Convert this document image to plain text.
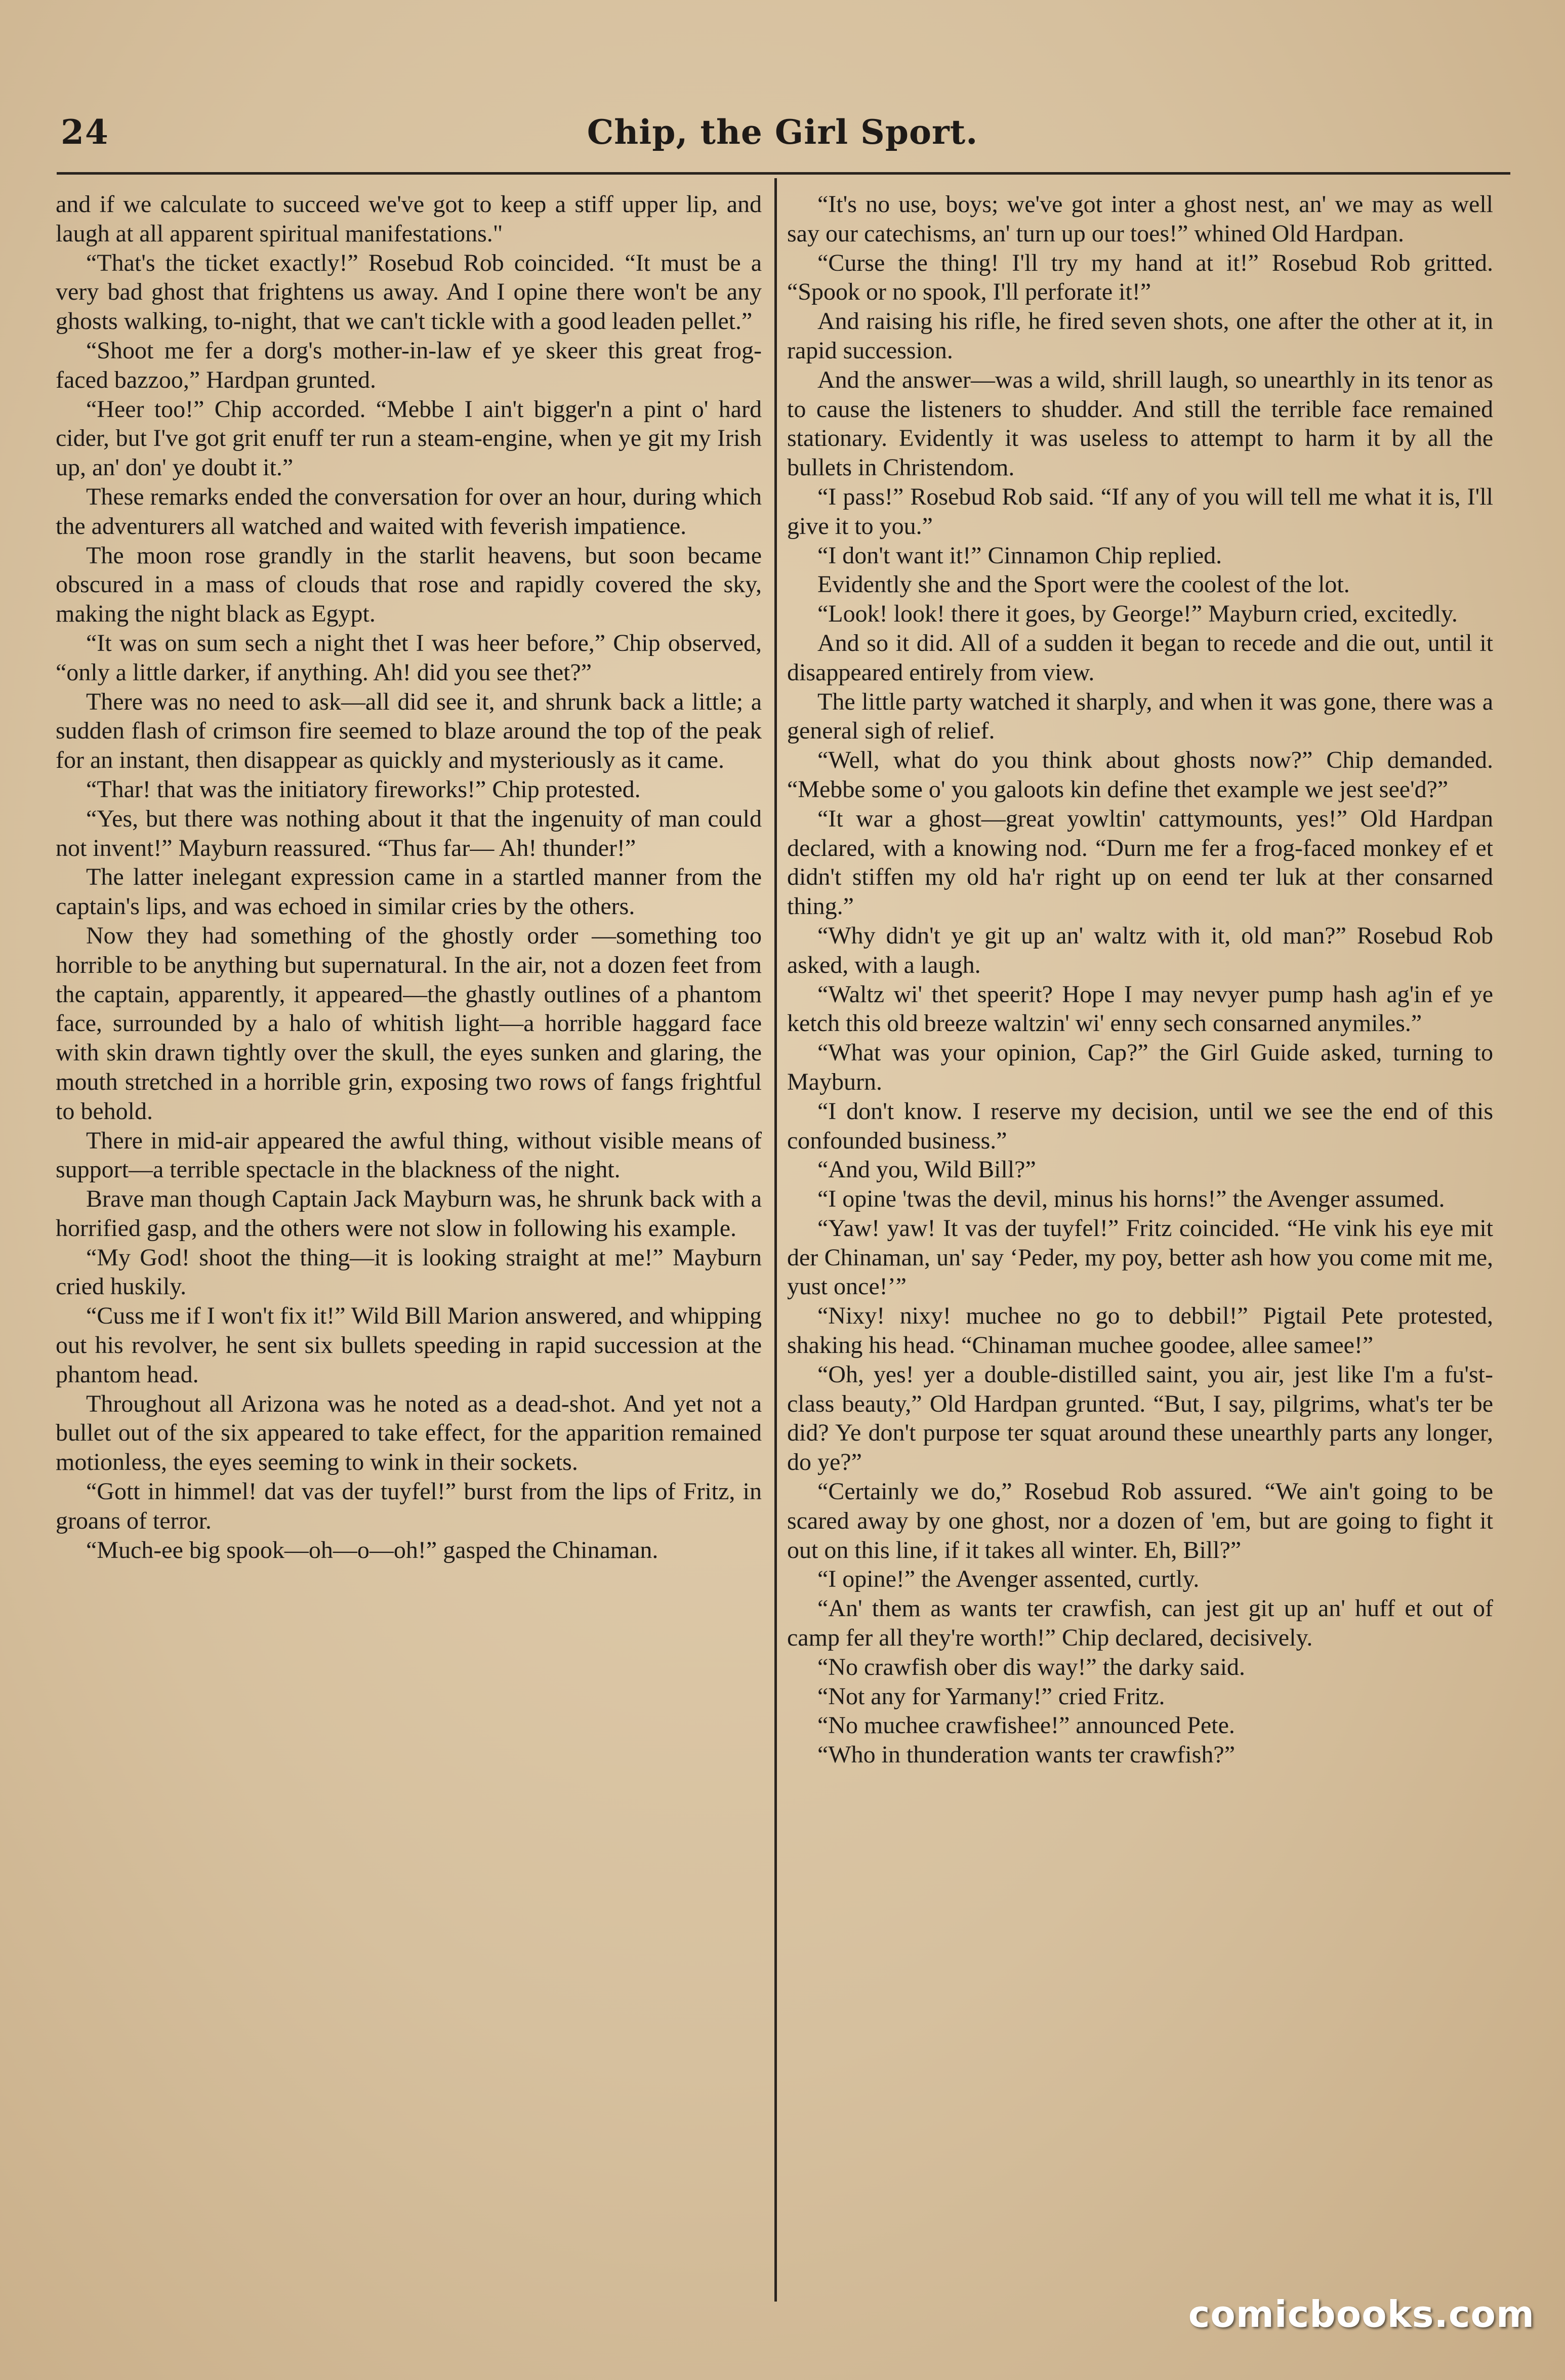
24	Chip, the Girl Sport.

and if we calculate to succeed we've got to keep a stiff upper lip, and laugh at all apparent spiritual manifestations."

“That's the ticket exactly!” Rosebud Rob coincided. “It must be a very bad ghost that frightens us away. And I opine there won't be any ghosts walking, to-night, that we can't tickle with a good leaden pellet.”

“Shoot me fer a dorg's mother-in-law ef ye skeer this great frog-faced bazzoo,” Hardpan grunted.

“Heer too!” Chip accorded. “Mebbe I ain't bigger'n a pint o' hard cider, but I've got grit enuff ter run a steam-engine, when ye git my Irish up, an' don' ye doubt it.”

These remarks ended the conversation for over an hour, during which the adventurers all watched and waited with feverish impatience.

The moon rose grandly in the starlit heavens, but soon became obscured in a mass of clouds that rose and rapidly covered the sky, making the night black as Egypt.

“It was on sum sech a night thet I was heer before,” Chip observed, “only a little darker, if anything. Ah! did you see thet?”

There was no need to ask—all did see it, and shrunk back a little; a sudden flash of crimson fire seemed to blaze around the top of the peak for an instant, then disappear as quickly and mysteriously as it came.

“Thar! that was the initiatory fireworks!” Chip protested.

“Yes, but there was nothing about it that the ingenuity of man could not invent!” Mayburn reassured. “Thus far— Ah! thunder!”

The latter inelegant expression came in a startled manner from the captain's lips, and was echoed in similar cries by the others.

Now they had something of the ghostly order —something too horrible to be anything but supernatural. In the air, not a dozen feet from the captain, apparently, it appeared—the ghastly outlines of a phantom face, surrounded by a halo of whitish light—a horrible haggard face with skin drawn tightly over the skull, the eyes sunken and glaring, the mouth stretched in a horrible grin, exposing two rows of fangs frightful to behold.

There in mid-air appeared the awful thing, without visible means of support—a terrible spectacle in the blackness of the night.

Brave man though Captain Jack Mayburn was, he shrunk back with a horrified gasp, and the others were not slow in following his example.

“My God! shoot the thing—it is looking straight at me!” Mayburn cried huskily.

“Cuss me if I won't fix it!” Wild Bill Marion answered, and whipping out his revolver, he sent six bullets speeding in rapid succession at the phantom head.

Throughout all Arizona was he noted as a dead-shot. And yet not a bullet out of the six appeared to take effect, for the apparition remained motionless, the eyes seeming to wink in their sockets.

“Gott in himmel! dat vas der tuyfel!” burst from the lips of Fritz, in groans of terror.

“Much-ee big spook—oh—o—oh!” gasped the Chinaman.

“It's no use, boys; we've got inter a ghost nest, an' we may as well say our catechisms, an' turn up our toes!” whined Old Hardpan.

“Curse the thing! I'll try my hand at it!” Rosebud Rob gritted. “Spook or no spook, I'll perforate it!”

And raising his rifle, he fired seven shots, one after the other at it, in rapid succession.

And the answer—was a wild, shrill laugh, so unearthly in its tenor as to cause the listeners to shudder. And still the terrible face remained stationary. Evidently it was useless to attempt to harm it by all the bullets in Christendom.

“I pass!” Rosebud Rob said. “If any of you will tell me what it is, I'll give it to you.”

“I don't want it!” Cinnamon Chip replied.

Evidently she and the Sport were the coolest of the lot.

“Look! look! there it goes, by George!” Mayburn cried, excitedly.

And so it did. All of a sudden it began to recede and die out, until it disappeared entirely from view.

The little party watched it sharply, and when it was gone, there was a general sigh of relief.

“Well, what do you think about ghosts now?” Chip demanded. “Mebbe some o' you galoots kin define thet example we jest see'd?”

“It war a ghost—great yowltin' cattymounts, yes!” Old Hardpan declared, with a knowing nod. “Durn me fer a frog-faced monkey ef et didn't stiffen my old ha'r right up on eend ter luk at ther consarned thing.”

“Why didn't ye git up an' waltz with it, old man?” Rosebud Rob asked, with a laugh.

“Waltz wi' thet speerit? Hope I may nevyer pump hash ag'in ef ye ketch this old breeze waltzin' wi' enny sech consarned anymiles.”

“What was your opinion, Cap?” the Girl Guide asked, turning to Mayburn.

“I don't know. I reserve my decision, until we see the end of this confounded business.”

“And you, Wild Bill?”

“I opine 'twas the devil, minus his horns!” the Avenger assumed.

“Yaw! yaw! It vas der tuyfel!” Fritz coincided. “He vink his eye mit der Chinaman, un' say ‘Peder, my poy, better ash how you come mit me, yust once!’”

“Nixy! nixy! muchee no go to debbil!” Pigtail Pete protested, shaking his head. “Chinaman muchee goodee, allee samee!”

“Oh, yes! yer a double-distilled saint, you air, jest like I'm a fu'st-class beauty,” Old Hardpan grunted. “But, I say, pilgrims, what's ter be did? Ye don't purpose ter squat around these unearthly parts any longer, do ye?”

“Certainly we do,” Rosebud Rob assured. “We ain't going to be scared away by one ghost, nor a dozen of 'em, but are going to fight it out on this line, if it takes all winter. Eh, Bill?”

“I opine!” the Avenger assented, curtly.

“An' them as wants ter crawfish, can jest git up an' huff et out of camp fer all they're worth!” Chip declared, decisively.

“No crawfish ober dis way!” the darky said.

“Not any for Yarmany!” cried Fritz.

“No muchee crawfishee!” announced Pete.

“Who in thunderation wants ter crawfish?”

comicbooks.com
